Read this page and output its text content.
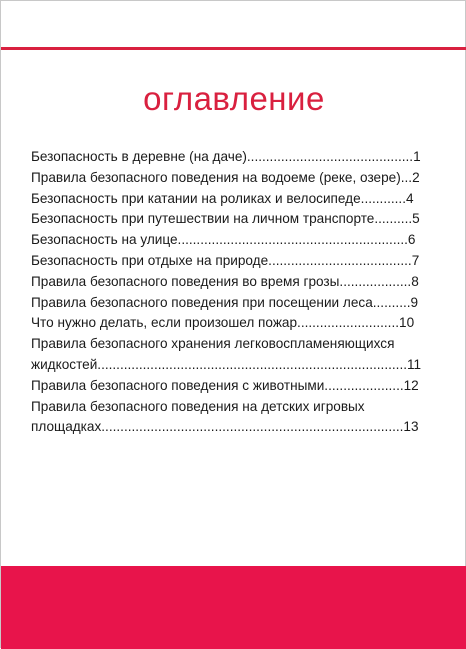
оглавление
Безопасность в деревне (на даче)............................................1
Правила безопасного поведения на водоеме (реке, озере)...2
Безопасность при катании на роликах и велосипеде............4
Безопасность при путешествии на личном транспорте..........5
Безопасность на улице.............................................................6
Безопасность при отдыхе на природе......................................7
Правила безопасного поведения во время грозы...................8
Правила безопасного поведения при посещении леса..........9
Что нужно делать, если произошел пожар...........................10
Правила безопасного хранения легковоспламеняющихся
жидкостей..................................................................................11
Правила безопасного поведения с животными.....................12
Правила безопасного поведения на детских игровых
площадках................................................................................13
